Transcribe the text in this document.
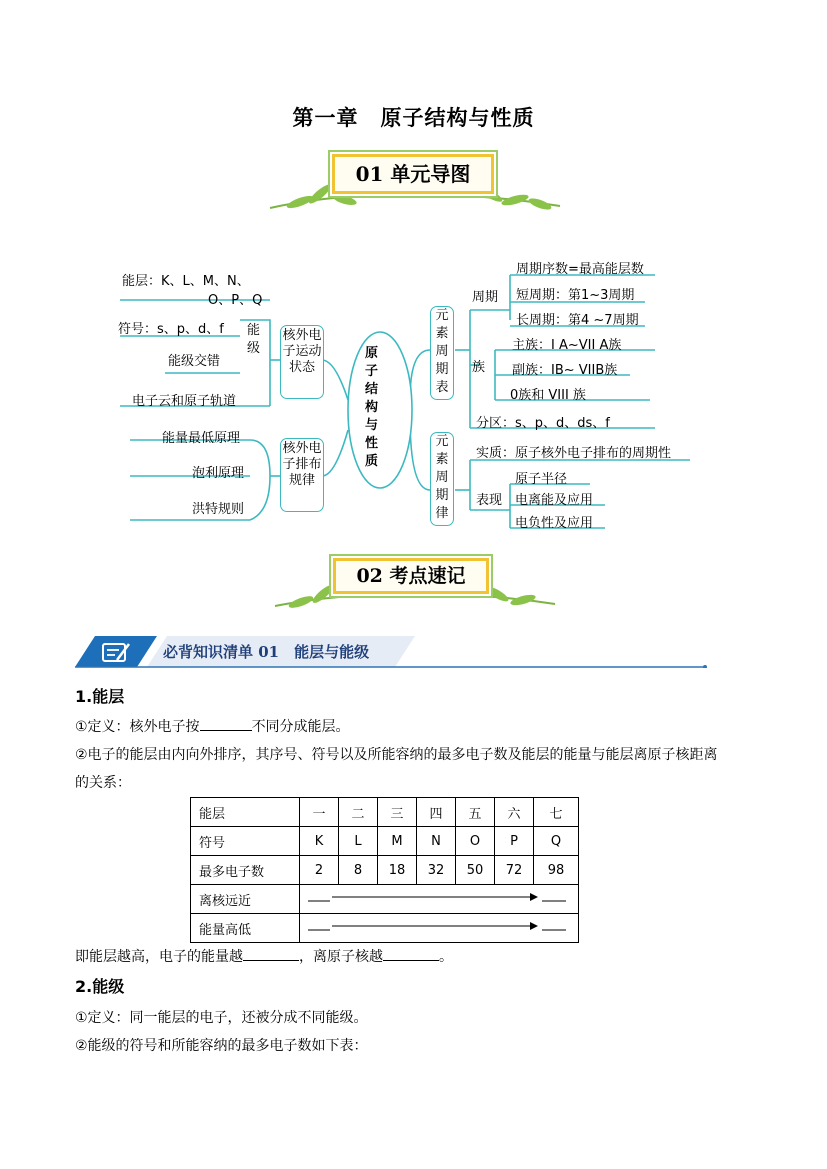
第一章　原子结构与性质
01 单元导图
能层：K、L、M、N、
O、P、Q
符号：s、p、d、f 能级
能级交错
电子云和原子轨道
核外电子运动状态
能量最低原理
泡利原理
洪特规则
核外电子排布规律
原子结构与性质
元素周期表
元素周期律
周期
周期序数=最高能层数
短周期：第1~3周期
长周期：第4 ~7周期
族
主族：I A~VII A族
副族：IB~ VIIB族
0族和 VIII 族
分区：s、p、d、ds、f
实质：原子核外电子排布的周期性
表现
原子半径
电离能及应用
电负性及应用
02 考点速记
必背知识清单 01　能层与能级
1.能层

①定义：核外电子按	不同分成能层。

②电子的能层由内向外排序，其序号、符号以及所能容纳的最多电子数及能层的能量与能层离原子核距离

的关系：

能层	一	二	三	四	五	六	七
符号	K	L	M	N	O	P	Q
最多电子数	2	8	18	32	50	72	98
离核远近	
能量高低	

即能层越高，电子的能量越	，离原子核越	。

2.能级

①定义：同一能层的电子，还被分成不同能级。

②能级的符号和所能容纳的最多电子数如下表：
